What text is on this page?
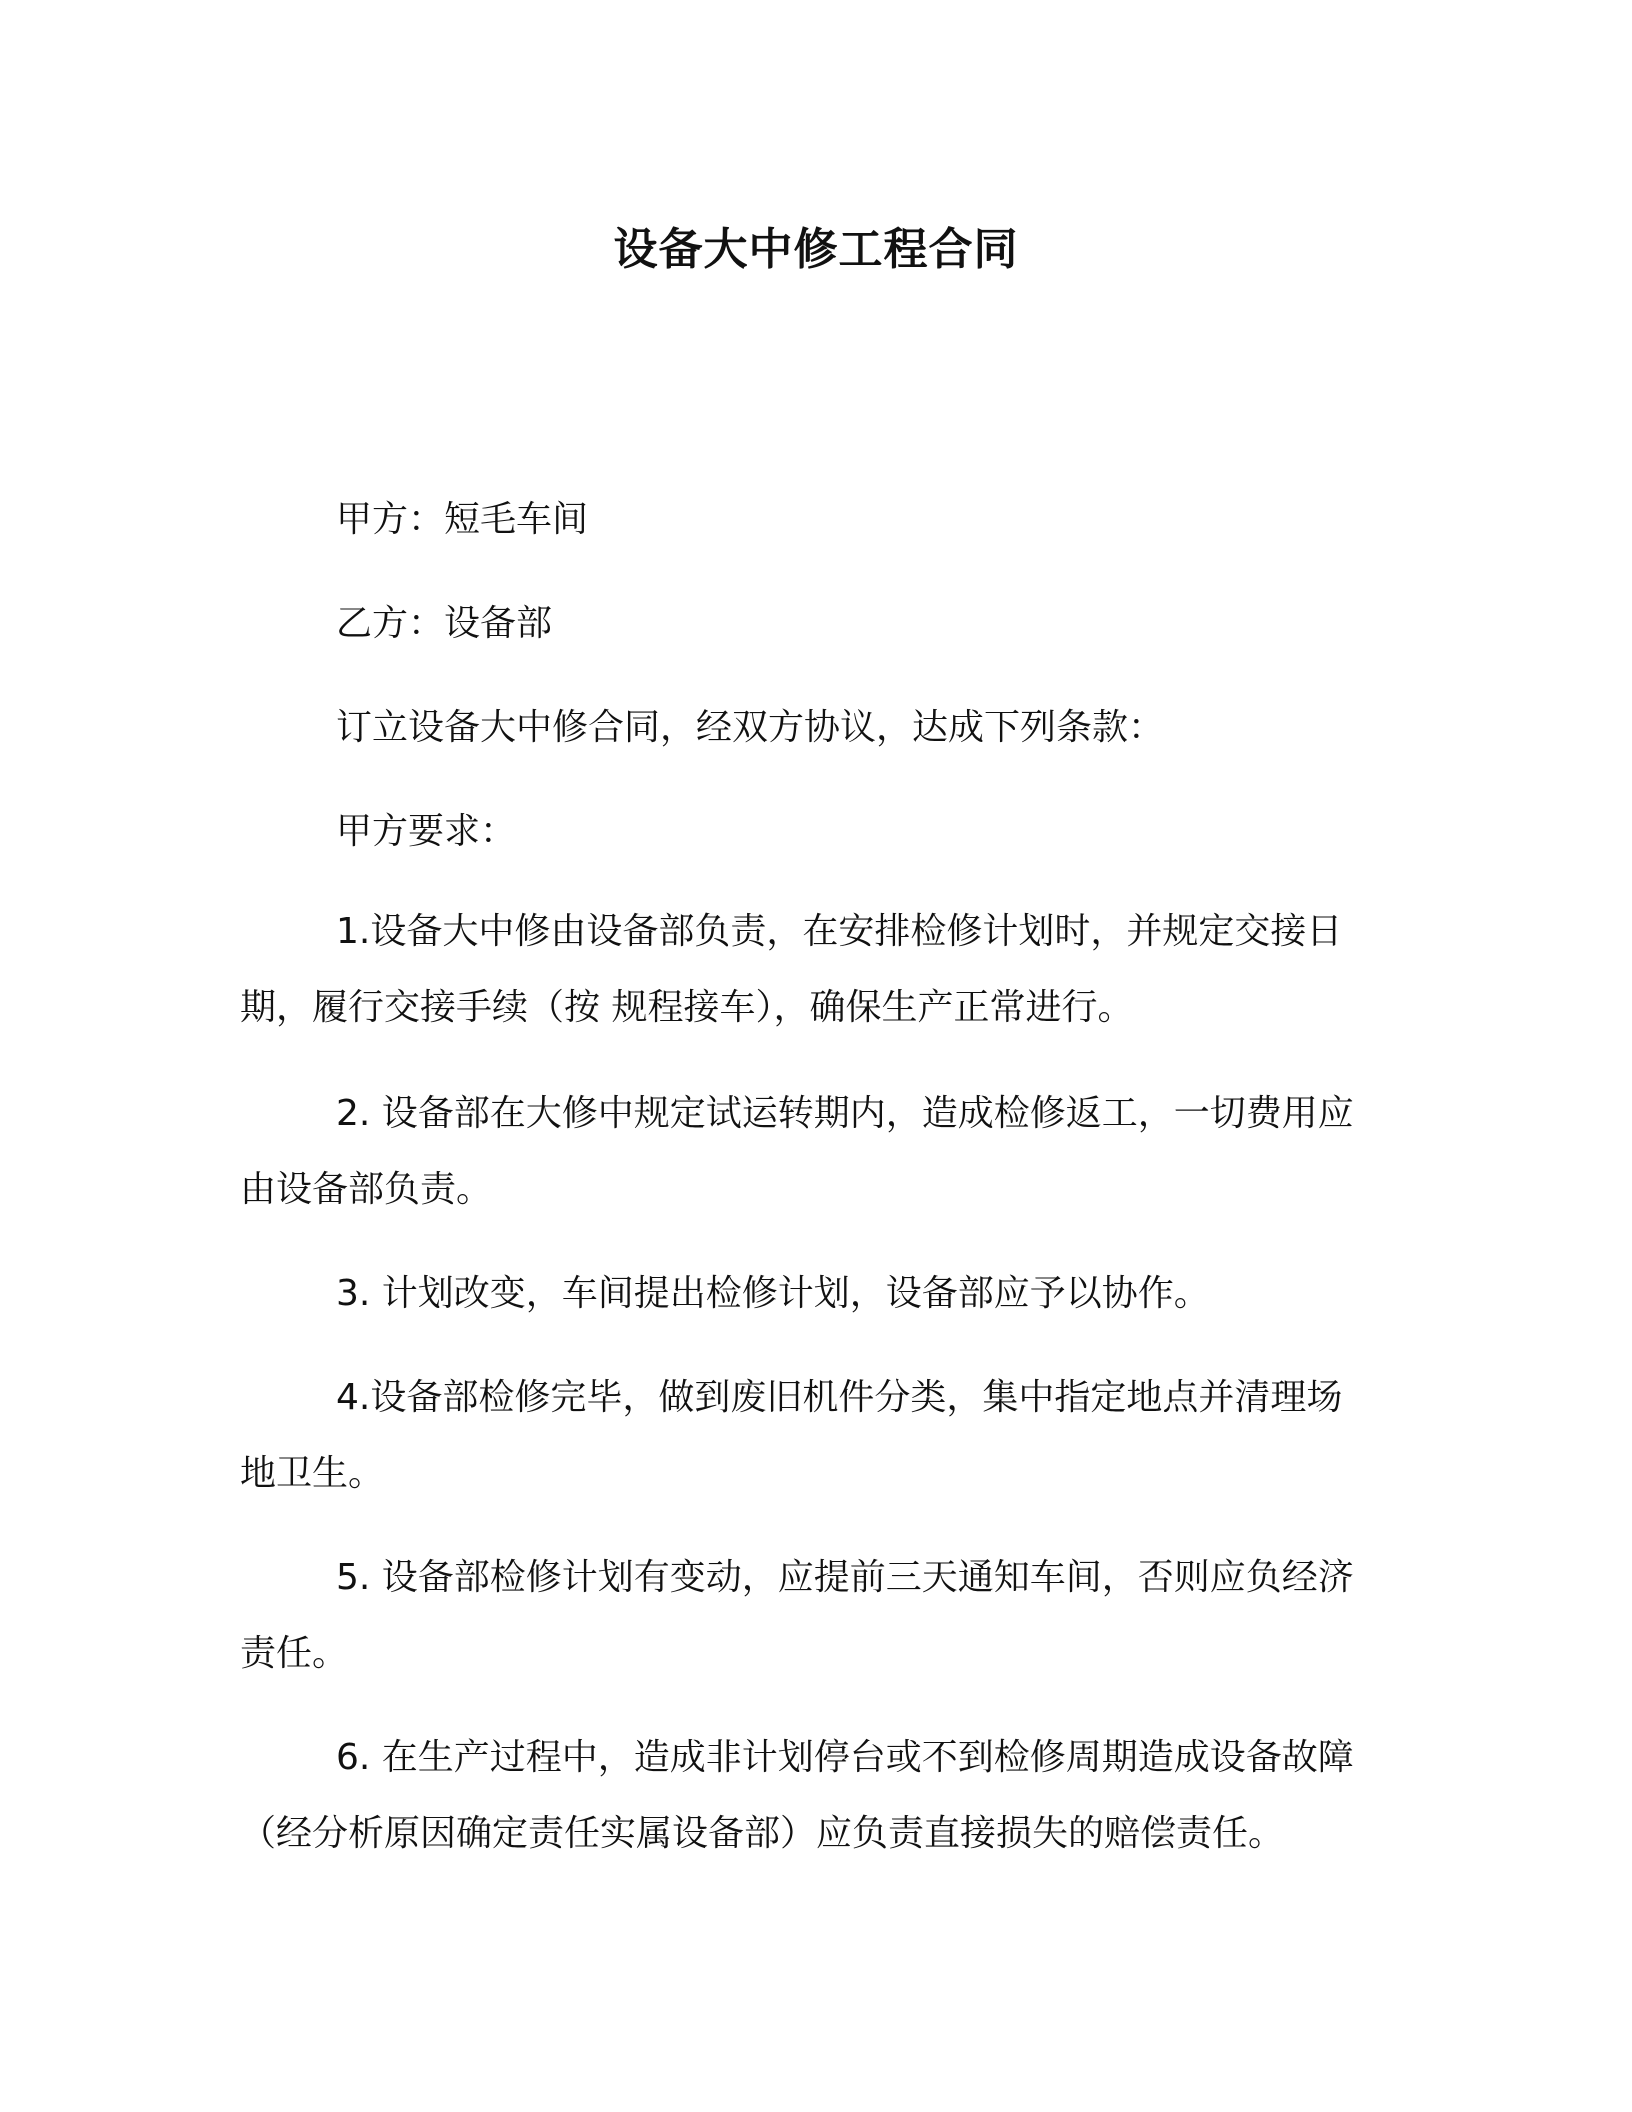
设备大中修工程合同
甲方：短毛车间
乙方：设备部
订立设备大中修合同，经双方协议，达成下列条款：
甲方要求：
1.设备大中修由设备部负责，在安排检修计划时，并规定交接日
期，履行交接手续（按 规程接车），确保生产正常进行。
2. 设备部在大修中规定试运转期内，造成检修返工，一切费用应
由设备部负责。
3. 计划改变，车间提出检修计划，设备部应予以协作。
4.设备部检修完毕，做到废旧机件分类，集中指定地点并清理场
地卫生。
5. 设备部检修计划有变动，应提前三天通知车间，否则应负经济
责任。
6. 在生产过程中，造成非计划停台或不到检修周期造成设备故障
（经分析原因确定责任实属设备部）应负责直接损失的赔偿责任。
